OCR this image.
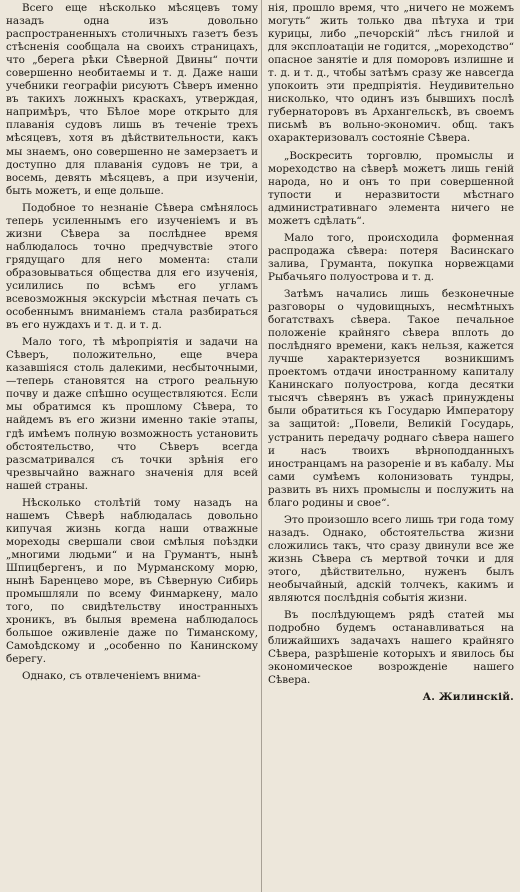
Всего еще нѣсколько мѣсяцевъ тому назадъ одна изъ довольно распространенныхъ столичныхъ газетъ безъ стѣсненія сообщала на своихъ страницахъ, что „берега рѣки Сѣверной Двины“ почти совершенно необитаемы и т. д. Даже наши учебники географіи рисуютъ Сѣверъ именно въ такихъ ложныхъ краскахъ, утверждая, напримѣръ, что Бѣлое море открыто для плаванія судовъ лишь въ теченіе трехъ мѣсяцевъ, хотя въ дѣйствительности, какъ мы знаемъ, оно совершенно не замерзаетъ и доступно для плаванія судовъ не три, а восемь, девять мѣсяцевъ, а при изученіи, быть можетъ, и еще дольше.

Подобное то незнаніе Сѣвера смѣнялось теперь усиленнымъ его изученіемъ и въ жизни Сѣвера за послѣднее время наблюдалось точно предчувствіе этого грядущаго для него момента: стали образовываться общества для его изученія, усилились по всѣмъ его угламъ всевозможныя экскурсіи мѣстная печать съ особеннымъ вниманіемъ стала разбираться въ его нуждахъ и т. д. и т. д.

Мало того, тѣ мѣропріятія и задачи на Сѣверъ, положительно, еще вчера казавшіяся столь далекими, несбыточными,—теперь становятся на строго реальную почву и даже спѣшно осуществляются. Если мы обратимся къ прошлому Сѣвера, то найдемъ въ его жизни именно такіе этапы, гдѣ имѣемъ полную возможность установить обстоятельство, что Сѣверъ всегда разсматривался съ точки зрѣнія его чрезвычайно важнаго значенія для всей нашей страны.

Нѣсколько столѣтій тому назадъ на нашемъ Сѣверѣ наблюдалась довольно кипучая жизнь когда наши отважные мореходы свершали свои смѣлыя поѣздки „многими людьми“ и на Грумантъ, нынѣ Шпицбергенъ, и по Мурманскому морю, нынѣ Баренцево море, въ Сѣверную Сибирь промышляли по всему Финмаркену, мало того, по свидѣтельству иностранныхъ хроникъ, въ былыя времена наблюдалось большое оживленіе даже по Тиманскому, Самоѣдскому и „особенно по Канинскому берегу.

Однако, съ отвлеченіемъ внима-

нія, прошло время, что „ничего не можемъ могуть“ жить только два пѣтуха и три курицы, либо „печорскій“ лѣсъ гнилой и для эксплоатаціи не годится, „мореходство“ опасное занятіе и для поморовъ излишне и т. д. и т. д., чтобы затѣмъ сразу же навсегда упокоить эти предпріятія. Неудивительно нисколько, что одинъ изъ бывшихъ послѣ губернаторовъ въ Архангельскѣ, въ своемъ письмѣ въ вольно-экономич. общ. такъ охарактеризовалъ состояніе Сѣвера.

„Воскресить торговлю, промыслы и мореходство на сѣверѣ можетъ лишь геній народа, но и онъ то при совершенной тупости и неразвитости мѣстнаго административнаго элемента ничего не можетъ сдѣлать“.

Мало того, происходила форменная распродажа сѣвера: потеря Васинскаго залива, Груманта, покупка норвежцами Рыбачьяго полуострова и т. д.

Затѣмъ начались лишь безконечные разговоры о чудовищныхъ, несмѣтныхъ богатствахъ сѣвера. Такое печальное положеніе крайняго сѣвера вплоть до послѣдняго времени, какъ нельзя, кажется лучше характеризуется возникшимъ проектомъ отдачи иностранному капиталу Канинскаго полуострова, когда десятки тысячъ сѣверянъ въ ужасѣ принуждены были обратиться къ Государю Императору за защитой: „Повели, Великій Государь, устранить передачу роднаго сѣвера нашего и насъ твоихъ вѣрноподданныхъ иностранцамъ на разореніе и въ кабалу. Мы сами сумѣемъ колонизовать тундры, развить въ нихъ промыслы и послужить на благо родины и свое“.

Это произошло всего лишь три года тому назадъ. Однако, обстоятельства жизни сложились такъ, что сразу двинули все же жизнь Сѣвера съ мертвой точки и для этого, дѣйствительно, нуженъ былъ необычайный, адскій толчекъ, какимъ и являются послѣднія событія жизни.

Въ послѣдующемъ рядѣ статей мы подробно будемъ останавливаться на ближайшихъ задачахъ нашего крайняго Сѣвера, разрѣшеніе которыхъ и явилось бы экономическое возрожденіе нашего Сѣвера.

А. Жилинскій.
